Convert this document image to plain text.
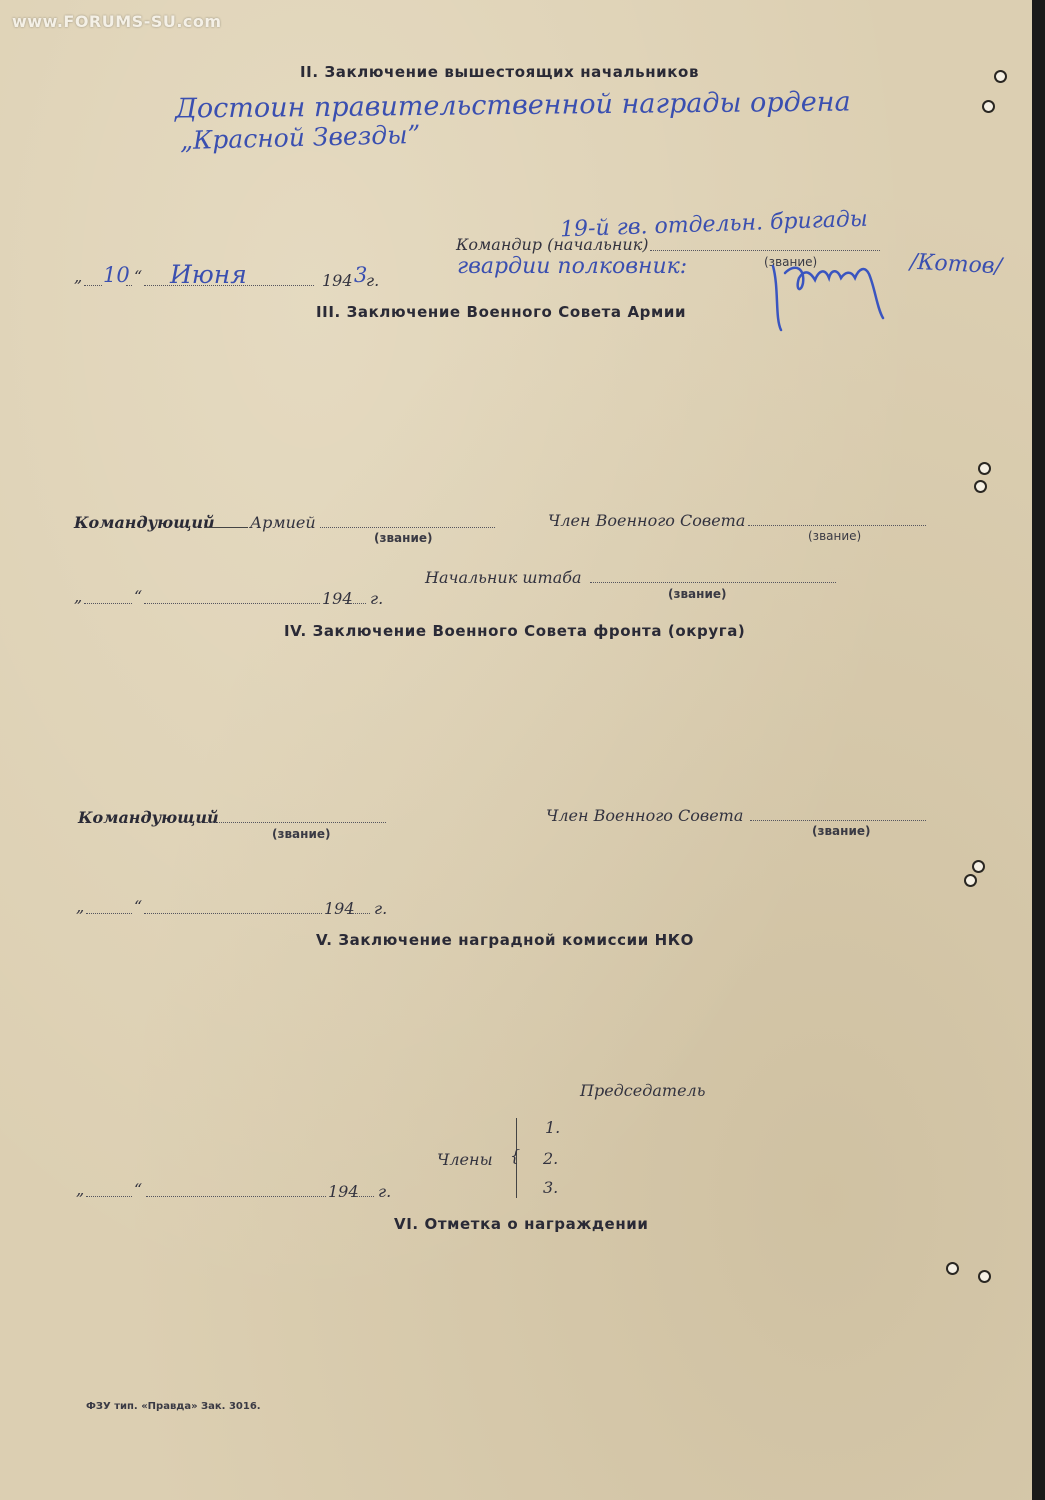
www.FORUMS-SU.com
II. Заключение вышестоящих начальников
Достоин правительственной награды ордена
„Красной Звезды”
Командир (начальник)
19-й гв. отдельн. бригады
(звание)
гвардии полковник:	/Котов/
„ 10 “ Июня	194 3
г.
III. Заключение Военного Совета Армии
Командующий Армией
(звание)
Член Военного Совета
(звание)
Начальник штаба
(звание)
„	“	194 г.
IV. Заключение Военного Совета фронта (округа)
Командующий
(звание)
Член Военного Совета
(звание)
„	“	194 г.
V. Заключение наградной комиссии НКО
Председатель
Члены {
1.
2.
3.
„	“	194 г.
VI. Отметка о награждении
ФЗУ тип. «Правда» Зак. 3016.
